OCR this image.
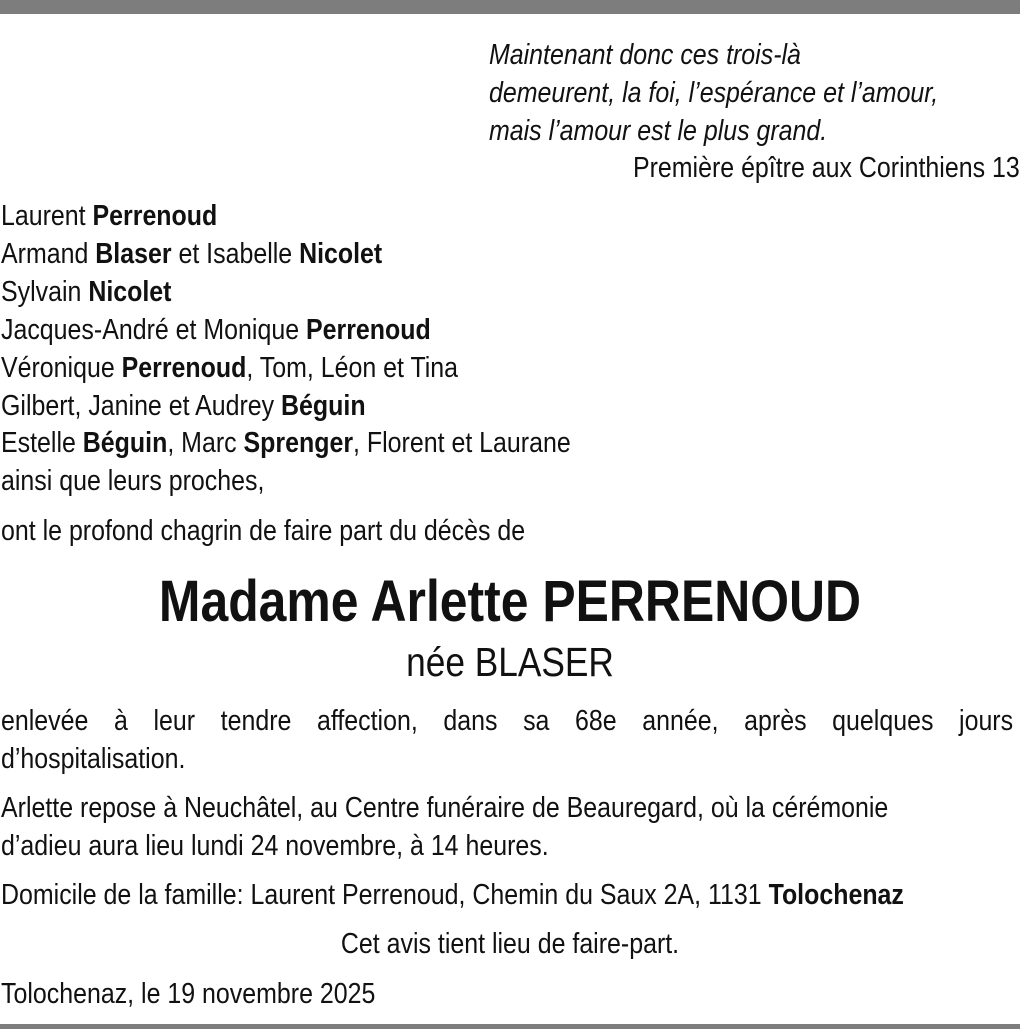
Maintenant donc ces trois-là
demeurent, la foi, l’espérance et l’amour,
mais l’amour est le plus grand.
Première épître aux Corinthiens 13
Laurent Perrenoud
Armand Blaser et Isabelle Nicolet
Sylvain Nicolet
Jacques-André et Monique Perrenoud
Véronique Perrenoud, Tom, Léon et Tina
Gilbert, Janine et Audrey Béguin
Estelle Béguin, Marc Sprenger, Florent et Laurane
ainsi que leurs proches,
ont le profond chagrin de faire part du décès de
Madame Arlette PERRENOUD
née BLASER
enlevée à leur tendre affection, dans sa 68e année, après quelques jours
d’hospitalisation.
Arlette repose à Neuchâtel, au Centre funéraire de Beauregard, où la cérémonie
d’adieu aura lieu lundi 24 novembre, à 14 heures.
Domicile de la famille: Laurent Perrenoud, Chemin du Saux 2A, 1131 Tolochenaz
Cet avis tient lieu de faire-part.
Tolochenaz, le 19 novembre 2025
